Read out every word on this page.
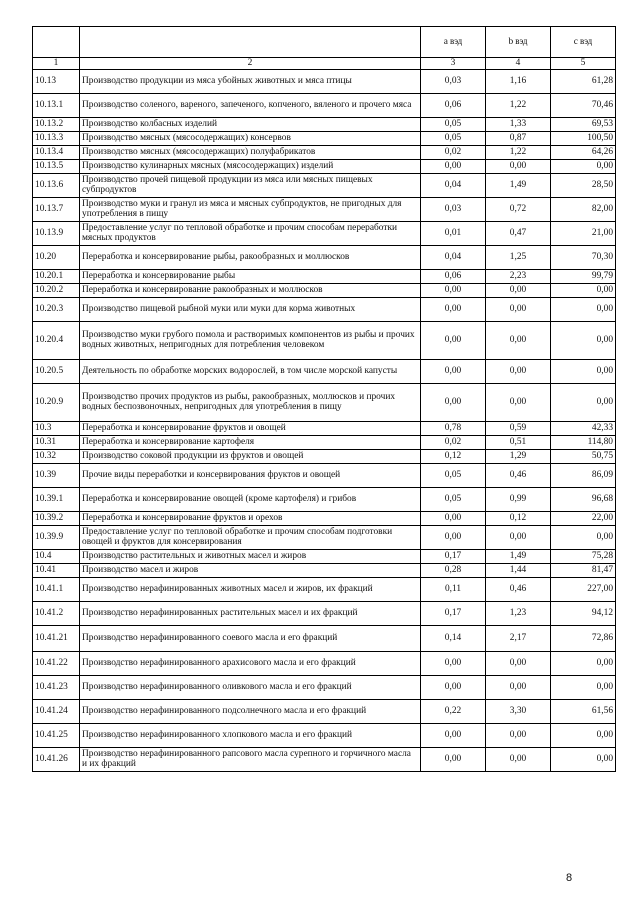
		a вэд	b вэд	c вэд
1	2	3	4	5
10.13	Производство продукции из мяса убойных животных и мяса птицы	0,03	1,16	61,28
10.13.1	Производство соленого, вареного, запеченого, копченого, вяленого и прочего мяса	0,06	1,22	70,46
10.13.2	Производство колбасных изделий	0,05	1,33	69,53
10.13.3	Производство мясных (мясосодержащих) консервов	0,05	0,87	100,50
10.13.4	Производство мясных (мясосодержащих) полуфабрикатов	0,02	1,22	64,26
10.13.5	Производство кулинарных мясных (мясосодержащих) изделий	0,00	0,00	0,00
10.13.6	Производство прочей пищевой продукции из мяса или мясных пищевых субпродуктов	0,04	1,49	28,50
10.13.7	Производство муки и гранул из мяса и мясных субпродуктов, не пригодных для употребления в пищу	0,03	0,72	82,00
10.13.9	Предоставление услуг по тепловой обработке и прочим способам переработки мясных продуктов	0,01	0,47	21,00
10.20	Переработка и консервирование рыбы, ракообразных и моллюсков	0,04	1,25	70,30
10.20.1	Переработка и консервирование рыбы	0,06	2,23	99,79
10.20.2	Переработка и консервирование ракообразных и моллюсков	0,00	0,00	0,00
10.20.3	Производство пищевой рыбной муки или муки для корма животных	0,00	0,00	0,00
10.20.4	Производство муки грубого помола и растворимых компонентов из рыбы и прочих водных животных, непригодных для потребления человеком	0,00	0,00	0,00
10.20.5	Деятельность по обработке морских водорослей, в том числе морской капусты	0,00	0,00	0,00
10.20.9	Производство прочих продуктов из рыбы, ракообразных, моллюсков и прочих водных беспозвоночных, непригодных для употребления в пищу	0,00	0,00	0,00
10.3	Переработка и консервирование фруктов и овощей	0,78	0,59	42,33
10.31	Переработка и консервирование картофеля	0,02	0,51	114,80
10.32	Производство соковой продукции из фруктов и овощей	0,12	1,29	50,75
10.39	Прочие виды переработки и консервирования фруктов и овощей	0,05	0,46	86,09
10.39.1	Переработка и консервирование овощей (кроме картофеля) и грибов	0,05	0,99	96,68
10.39.2	Переработка и консервирование фруктов и орехов	0,00	0,12	22,00
10.39.9	Предоставление услуг по тепловой обработке и прочим способам подготовки овощей и фруктов для консервирования	0,00	0,00	0,00
10.4	Производство растительных и животных масел и жиров	0,17	1,49	75,28
10.41	Производство масел и жиров	0,28	1,44	81,47
10.41.1	Производство нерафинированных животных масел и жиров, их фракций	0,11	0,46	227,00
10.41.2	Производство нерафинированных растительных масел и их фракций	0,17	1,23	94,12
10.41.21	Производство нерафинированного соевого масла и его фракций	0,14	2,17	72,86
10.41.22	Производство нерафинированного арахисового масла и его фракций	0,00	0,00	0,00
10.41.23	Производство нерафинированного оливкового масла и его фракций	0,00	0,00	0,00
10.41.24	Производство нерафинированного подсолнечного масла и его фракций	0,22	3,30	61,56
10.41.25	Производство нерафинированного хлопкового масла и его фракций	0,00	0,00	0,00
10.41.26	Производство нерафинированного рапсового масла сурепного и горчичного масла и их фракций	0,00	0,00	0,00
8
